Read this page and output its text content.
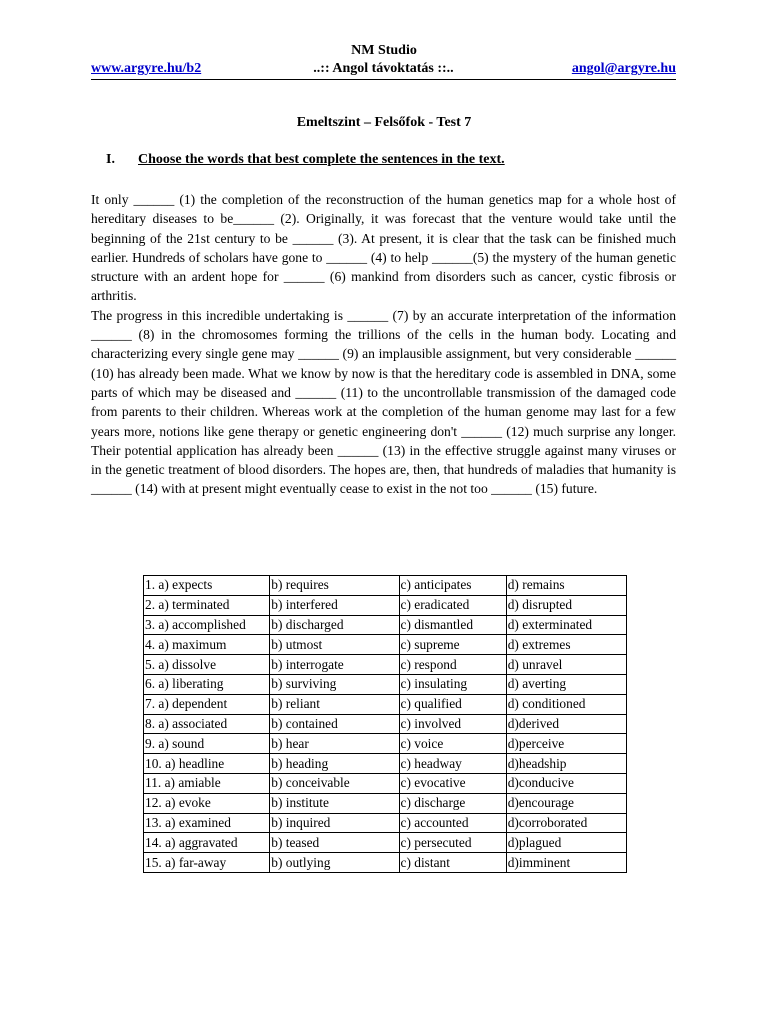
NM Studio
..:: Angol távoktatás ::..
www.argyre.hu/b2	angol@argyre.hu
Emeltszint – Felsőfok - Test 7
I. Choose the words that best complete the sentences in the text.

It only ______ (1) the completion of the reconstruction of the human genetics map for a whole host of hereditary diseases to be______ (2). Originally, it was forecast that the venture would take until the beginning of the 21st century to be ______ (3). At present, it is clear that the task can be finished much earlier. Hundreds of scholars have gone to ______ (4) to help ______(5) the mystery of the human genetic structure with an ardent hope for ______ (6) mankind from disorders such as cancer, cystic fibrosis or arthritis.

The progress in this incredible undertaking is ______ (7) by an accurate interpretation of the information ______ (8) in the chromosomes forming the trillions of the cells in the human body. Locating and characterizing every single gene may ______ (9) an implausible assignment, but very considerable ______ (10) has already been made. What we know by now is that the hereditary code is assembled in DNA, some parts of which may be diseased and ______ (11) to the uncontrollable transmission of the damaged code from parents to their children. Whereas work at the completion of the human genome may last for a few years more, notions like gene therapy or genetic engineering don't ______ (12) much surprise any longer. Their potential application has already been ______ (13) in the effective struggle against many viruses or in the genetic treatment of blood disorders. The hopes are, then, that hundreds of maladies that humanity is ______ (14) with at present might eventually cease to exist in the not too ______ (15) future.

1. a) expects	b) requires	c) anticipates	d) remains
2. a) terminated	b) interfered	c) eradicated	d) disrupted
3. a) accomplished	b) discharged	c) dismantled	d) exterminated
4. a) maximum	b) utmost	c) supreme	d) extremes
5. a) dissolve	b) interrogate	c) respond	d) unravel
6. a) liberating	b) surviving	c) insulating	d) averting
7. a) dependent	b) reliant	c) qualified	d) conditioned
8. a) associated	b) contained	c) involved	d)derived
9. a) sound	b) hear	c) voice	d)perceive
10. a) headline	b) heading	c) headway	d)headship
11. a) amiable	b) conceivable	c) evocative	d)conducive
12. a) evoke	b) institute	c) discharge	d)encourage
13. a) examined	b) inquired	c) accounted	d)corroborated
14. a) aggravated	b) teased	c) persecuted	d)plagued
15. a) far-away	b) outlying	c) distant	d)imminent
